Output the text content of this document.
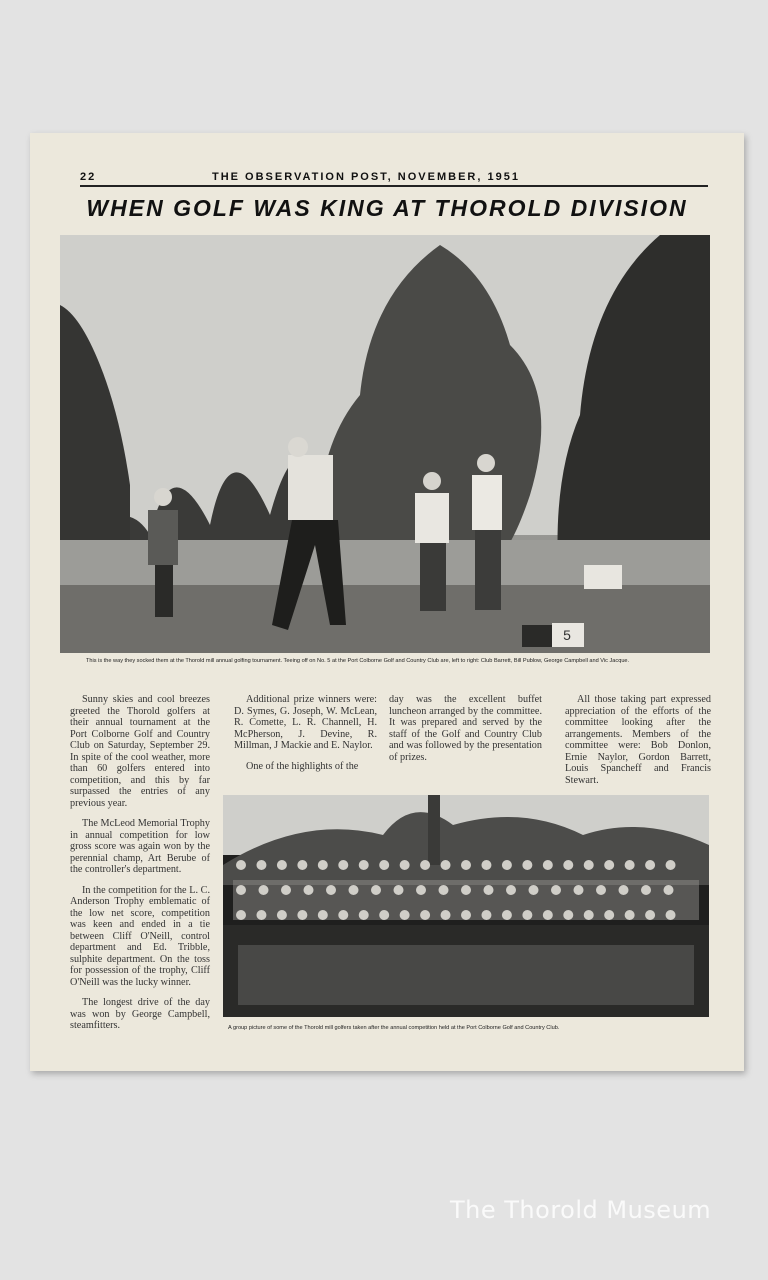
22	THE OBSERVATION POST, NOVEMBER, 1951
WHEN GOLF WAS KING AT THOROLD DIVISION
5
This is the way they socked them at the Thorold mill annual golfing tournament. Teeing off on No. 5 at the Port Colborne Golf and Country Club are, left to right: Club Barrett, Bill Publow, George Campbell and Vic Jacque.

Sunny skies and cool breezes greeted the Thorold golfers at their annual tournament at the Port Colborne Golf and Country Club on Saturday, September 29. In spite of the cool weather, more than 60 golfers entered into competition, and this by far surpassed the entries of any previous year.

The McLeod Memorial Trophy in annual competition for low gross score was again won by the perennial champ, Art Berube of the controller's department.

In the competition for the L. C. Anderson Trophy emblematic of the low net score, competition was keen and ended in a tie between Cliff O'Neill, control department and Ed. Tribble, sulphite department. On the toss for possession of the trophy, Cliff O'Neill was the lucky winner.

The longest drive of the day was won by George Campbell, steamfitters.

Additional prize winners were: D. Symes, G. Joseph, W. McLean, R. Comette, L. R. Channell, H. McPherson, J. Devine, R. Millman, J Mackie and E. Naylor.

One of the highlights of the

day was the excellent buffet luncheon arranged by the committee. It was prepared and served by the staff of the Golf and Country Club and was followed by the presentation of prizes.

All those taking part expressed appreciation of the efforts of the committee looking after the arrangements. Members of the committee were: Bob Donlon, Ernie Naylor, Gordon Barrett, Louis Spancheff and Francis Stewart.

A group picture of some of the Thorold mill golfers taken after the annual competition held at the Port Colborne Golf and Country Club.
The Thorold Museum
